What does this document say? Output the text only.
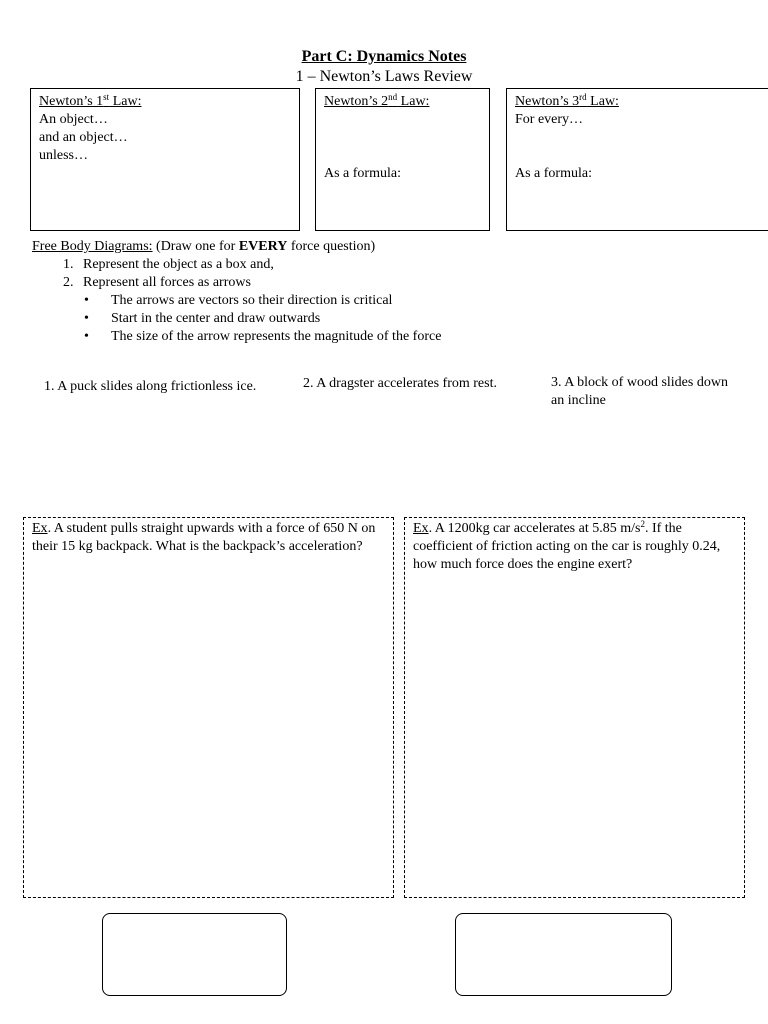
Part C: Dynamics Notes
1 – Newton’s Laws Review
Newton’s 1st Law:
An object…
and an object…
unless…
Newton’s 2nd Law:
As a formula:
Newton’s 3rd Law:
For every…
As a formula:
Free Body Diagrams: (Draw one for EVERY force question)
1. Represent the object as a box and,
2. Represent all forces as arrows
• The arrows are vectors so their direction is critical
• Start in the center and draw outwards
• The size of the arrow represents the magnitude of the force
1. A puck slides along frictionless ice.	2. A dragster accelerates from rest.	3. A block of wood slides down an incline
Ex. A student pulls straight upwards with a force of 650 N on their 15 kg backpack. What is the backpack’s acceleration?
Ex. A 1200kg car accelerates at 5.85 $m/s^2$. If the coefficient of friction acting on the car is roughly 0.24, how much force does the engine exert?
